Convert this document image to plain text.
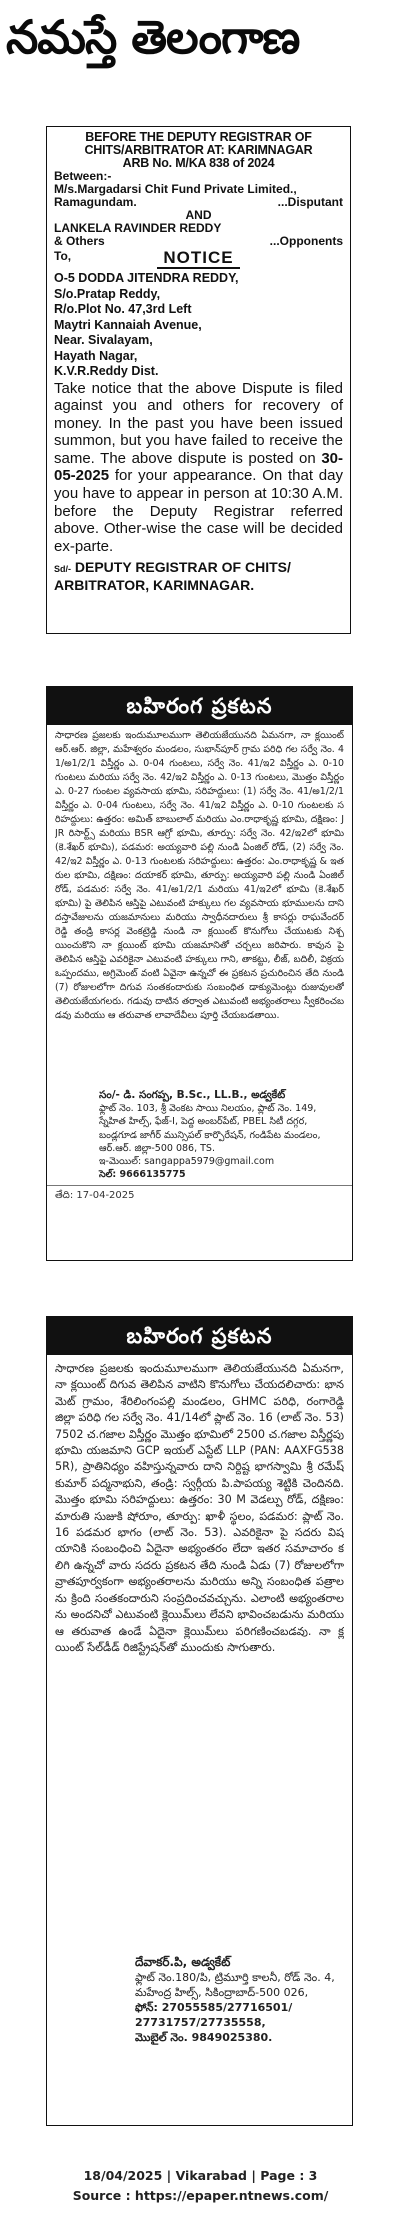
నమస్తే తెలంగాణ
BEFORE THE DEPUTY REGISTRAR OF CHITS/ARBITRATOR AT: KARIMNAGAR
ARB No. M/KA 838 of 2024
Between:-
M/s.Margadarsi Chit Fund Private Limited.,
Ramagundam.	...Disputant
AND
LANKELA RAVINDER REDDY
& Others	...Opponents
To,	NOTICE
O-5 DODDA JITENDRA REDDY,
S/o.Pratap Reddy,
R/o.Plot No. 47,3rd Left
Maytri Kannaiah Avenue,
Near. Sivalayam,
Hayath Nagar,
K.V.R.Reddy Dist.
Take notice that the above Dispute is filed against you and others for recovery of money. In the past you have been issued summon, but you have failed to receive the same. The above dispute is posted on 30-05-2025 for your appearance. On that day you have to appear in person at 10:30 A.M. before the Deputy Registrar referred above. Other-wise the case will be decided ex-parte.
Sd/- DEPUTY REGISTRAR OF CHITS/ ARBITRATOR, KARIMNAGAR.
బహిరంగ ప్రకటన
సాధారణ ప్రజలకు ఇందుమూలముగా తెలియజేయునది ఏమనగా, నా క్లయింట్ ఆర్.ఆర్. జిల్లా, మహేశ్వరం మండలం, సుభాన్‌పూర్ గ్రామ పరిధి గల సర్వే నెం. 41/అ1/2/1 విస్తీర్ణం ఎ. 0-04 గుంటలు, సర్వే నెం. 41/ఇ2 విస్తీర్ణం ఎ. 0-10 గుంటలు మరియు సర్వే నెం. 42/ఇ2 విస్తీర్ణం ఎ. 0-13 గుంటలు, మొత్తం విస్తీర్ణం ఎ. 0-27 గుంటల వ్యవసాయ భూమి, సరిహద్దులు: (1) సర్వే నెం. 41/అ1/2/1 విస్తీర్ణం ఎ. 0-04 గుంటలు, సర్వే నెం. 41/ఇ2 విస్తీర్ణం ఎ. 0-10 గుంటలకు సరిహద్దులు: ఉత్తరం: అమిత్ బాబులాల్ మరియు ఎం.రాధాకృష్ణ భూమి, దక్షిణం: JJR రిసార్ట్స్ మరియు BSR ఆగ్రో భూమి, తూర్పు: సర్వే నెం. 42/ఇ2లో భూమి (కె.శేఖర్ భూమి), పడమర: అయ్యవారి పల్లి నుండి ఏంజిల్ రోడ్, (2) సర్వే నెం. 42/ఇ2 విస్తీర్ణం ఎ. 0-13 గుంటలకు సరిహద్దులు: ఉత్తరం: ఎం.రాధాకృష్ణ & ఇతరుల భూమి, దక్షిణం: దయాకర్ భూమి, తూర్పు: అయ్యవారి పల్లి నుండి ఏంజిల్ రోడ్, పడమర: సర్వే నెం. 41/అ1/2/1 మరియు 41/ఇ2లో భూమి (కె.శేఖర్ భూమి) పై తెలిపిన ఆస్తిపై ఎటువంటి హక్కులు గల వ్యవసాయ భూములను దాని దస్తావేజులను యజమానులు మరియు స్వాధీనదారులు శ్రీ కాసర్లు రాఘవేందర్ రెడ్డి తండ్రి కాసర్ల వెంకట్రెడ్డి నుండి నా క్లయింట్ కొనుగోలు చేయుటకు నిశ్చయించుకొని నా క్లయింట్ భూమి యజమానితో చర్చలు జరిపారు. కావున పై తెలిపిన ఆస్తిపై ఎవరికైనా ఎటువంటి హక్కులు గాని, తాకట్టు, లీజ్, బదిలీ, విక్రయ ఒప్పందము, అగ్రిమెంట్ వంటి ఏవైనా ఉన్నచో ఈ ప్రకటన ప్రచురించిన తేది నుండి (7) రోజులలోగా దిగువ సంతకందారుకు సంబంధిత డాక్యుమెంట్లు రుజువులతో తెలియజేయగలరు. గడువు దాటిన తర్వాత ఎటువంటి అభ్యంతరాలు స్వీకరించబడవు మరియు ఆ తరువాత లావాదేవీలు పూర్తి చేయబడతాయి.
సం/- డి. సంగప్ప, B.Sc., LL.B., అడ్వకేట్
ఫ్లాట్ నెం. 103, శ్రీ వెంకట సాయి నిలయం, ప్లాట్ నెం. 149, స్నేహిత హిల్స్, ఫేజ్-I, పెద్ద అంబర్‌పేట్, PBEL సిటీ దగ్గర, బండ్లగూడ జాగీర్ మున్సిపల్ కార్పొరేషన్, గండిపేట మండలం, ఆర్.ఆర్. జిల్లా-500 086, TS.
ఇ-మెయిల్: sangappa5979@gmail.com
సెల్: 9666135775
తేది: 17-04-2025
బహిరంగ ప్రకటన
సాధారణ ప్రజలకు ఇందుమూలముగా తెలియజేయునది ఏమనగా, నా క్లయింట్ దిగువ తెలిపిన వాటిని కొనుగోలు చేయదలిచారు: భానమెట్ గ్రామం, శేరిలింగంపల్లి మండలం, GHMC పరిధి, రంగారెడ్డి జిల్లా పరిధి గల సర్వే నెం. 41/14లో ప్లాట్ నెం. 16 (లాట్ నెం. 53) 7502 చ.గజాల విస్తీర్ణం మొత్తం భూమిలో 2500 చ.గజాల విస్తీర్ణపు భూమి యజమాని GCP ఇయల్ ఎస్టేట్ LLP (PAN: AAXFG5385R), ప్రాతినిధ్యం వహిస్తున్నవారు దాని నిర్దిష్ట భాగస్వామి శ్రీ రమేష్ కుమార్ పద్మనాభుని, తండ్రి: స్వర్గీయ పి.పాపయ్య శెట్టికి చెందినది. మొత్తం భూమి సరిహద్దులు: ఉత్తరం: 30 M వెడల్పు రోడ్, దక్షిణం: మారుతి సుజుకి షోరూం, తూర్పు: ఖాళీ స్థలం, పడమర: ప్లాట్ నెం. 16 పడమర భాగం (లాట్ నెం. 53). ఎవరికైనా పై సదరు విషయానికి సంబంధించి ఏదైనా అభ్యంతరం లేదా ఇతర సమాచారం కలిగి ఉన్నచో వారు సదరు ప్రకటన తేది నుండి ఏడు (7) రోజులలోగా వ్రాతపూర్వకంగా అభ్యంతరాలను మరియు అన్ని సంబంధిత పత్రాలను క్రింది సంతకందారుని సంప్రదించవచ్చును. ఎలాంటి అభ్యంతరాలను అందనిచో ఎటువంటి క్లెయిమ్‌లు లేవని భావించబడును మరియు ఆ తరువాత ఉండే ఏదైనా క్లెయిమ్‌లు పరిగణించబడవు. నా క్లయింట్ సేల్‌డీడ్ రిజిస్ట్రేషన్‌తో ముందుకు సాగుతారు.
దేవాకర్.పి, అడ్వకేట్
ఫ్లాట్ నెం.180/పి, ట్రిమూర్తి కాలనీ, రోడ్ నెం. 4,
మహేంద్ర హిల్స్, సికింద్రాబాద్-500 026,
ఫోన్: 27055585/27716501/
27731757/27735558,
మొబైల్ నెం. 9849025380.
18/04/2025 | Vikarabad | Page : 3
Source : https://epaper.ntnews.com/
